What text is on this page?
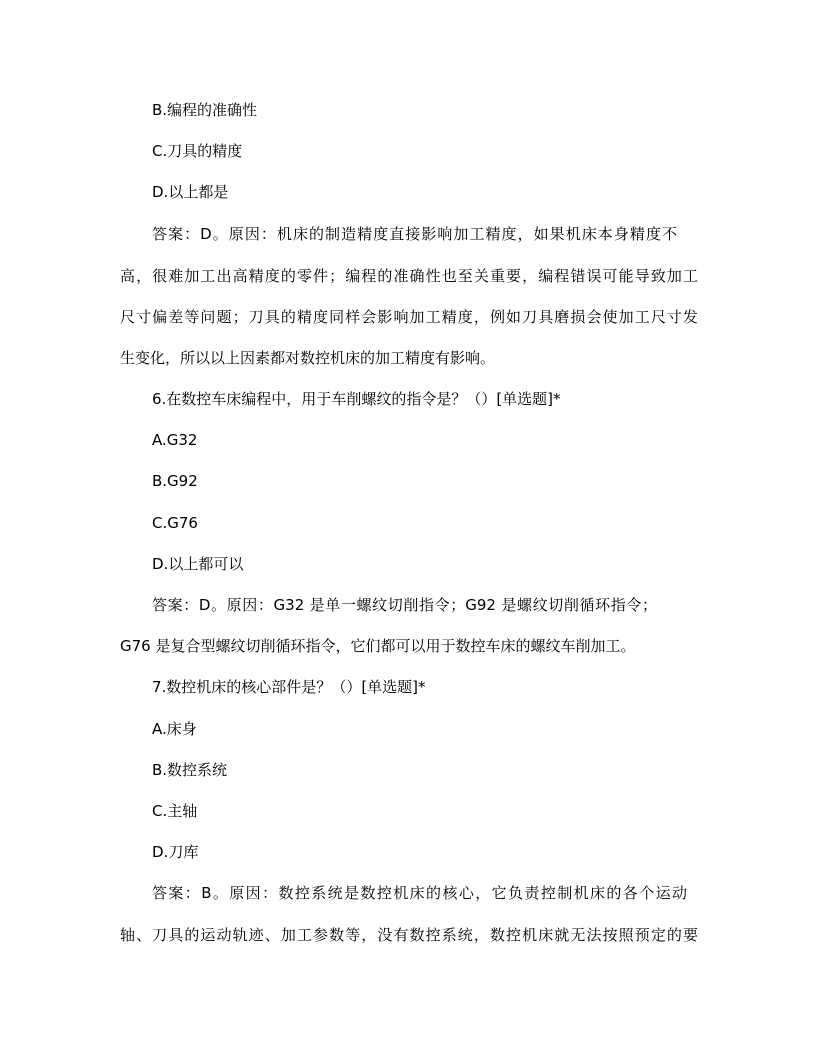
B.编程的准确性
C.刀具的精度
D.以上都是
答案：D。原因：机床的制造精度直接影响加工精度，如果机床本身精度不
高，很难加工出高精度的零件；编程的准确性也至关重要，编程错误可能导致加工
尺寸偏差等问题；刀具的精度同样会影响加工精度，例如刀具磨损会使加工尺寸发
生变化，所以以上因素都对数控机床的加工精度有影响。
6.在数控车床编程中，用于车削螺纹的指令是？（）[单选题]*
A.G32
B.G92
C.G76
D.以上都可以
答案：D。原因：G32 是单一螺纹切削指令；G92 是螺纹切削循环指令；
G76 是复合型螺纹切削循环指令，它们都可以用于数控车床的螺纹车削加工。
7.数控机床的核心部件是？（）[单选题]*
A.床身
B.数控系统
C.主轴
D.刀库
答案：B。原因：数控系统是数控机床的核心，它负责控制机床的各个运动
轴、刀具的运动轨迹、加工参数等，没有数控系统，数控机床就无法按照预定的要
